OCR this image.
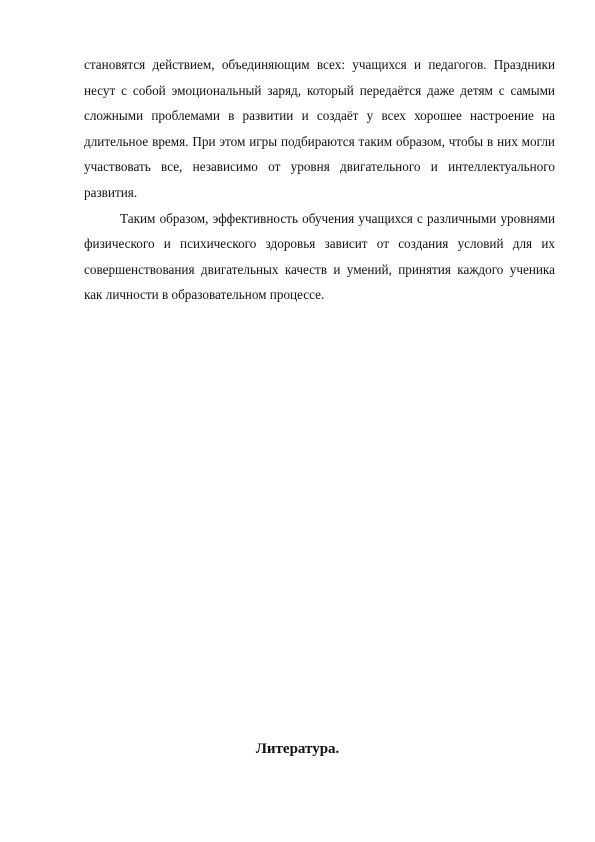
становятся действием, объединяющим всех: учащихся и педагогов. Праздники несут с собой эмоциональный заряд, который передаётся даже детям с самыми сложными проблемами в развитии и создаёт у всех хорошее настроение на длительное время. При этом игры подбираются таким образом, чтобы в них могли участвовать все, независимо от уровня двигательного и интеллектуального развития.

Таким образом, эффективность обучения учащихся с различными уровнями физического и психического здоровья зависит от создания условий для их совершенствования двигательных качеств и умений, принятия каждого ученика как личности в образовательном процессе.

Литература.
